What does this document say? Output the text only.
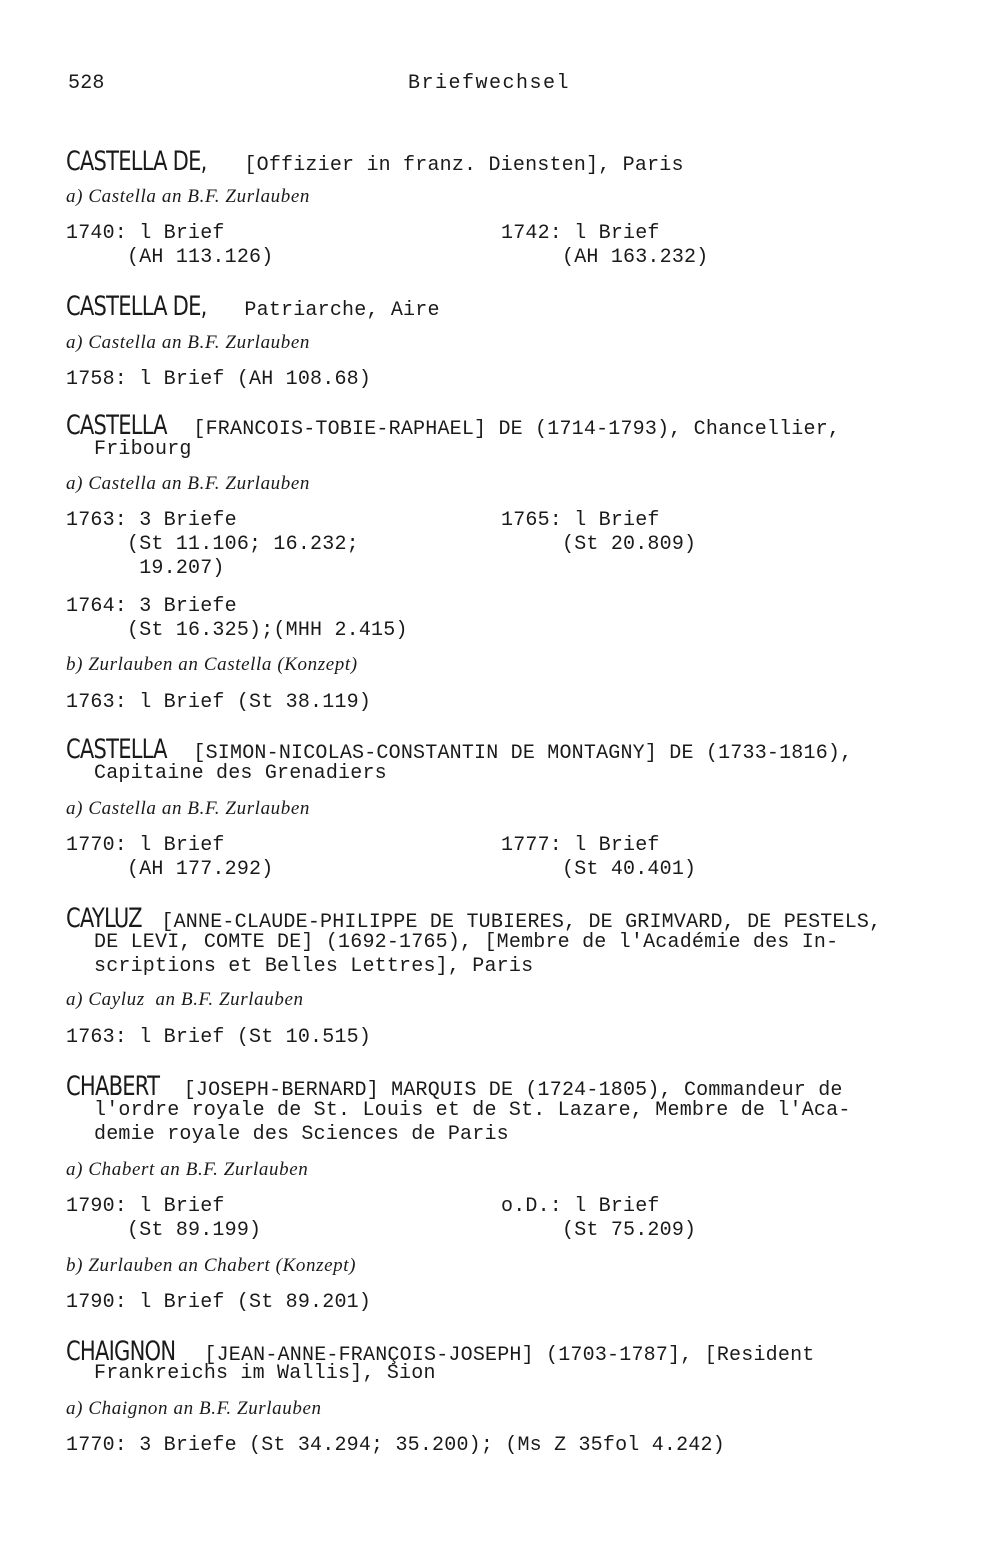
528	Briefwechsel
CASTELLA DE, [Offizier in franz. Diensten], Paris
a) Castella an B.F. Zurlauben
1740: l Brief
(AH 113.126)
1742: l Brief
(AH 163.232)
CASTELLA DE, Patriarche, Aire
a) Castella an B.F. Zurlauben
1758: l Brief (AH 108.68)
CASTELLA [FRANCOIS-TOBIE-RAPHAEL] DE (1714-1793), Chancellier,
Fribourg
a) Castella an B.F. Zurlauben
1763: 3 Briefe
(St 11.106; 16.232;
19.207)
1765: l Brief
(St 20.809)
1764: 3 Briefe
(St 16.325);(MHH 2.415)
b) Zurlauben an Castella (Konzept)
1763: l Brief (St 38.119)
CASTELLA [SIMON-NICOLAS-CONSTANTIN DE MONTAGNY] DE (1733-1816),
Capitaine des Grenadiers
a) Castella an B.F. Zurlauben
1770: l Brief
(AH 177.292)
1777: l Brief
(St 40.401)
CAYLUZ [ANNE-CLAUDE-PHILIPPE DE TUBIERES, DE GRIMVARD, DE PESTELS,
DE LEVI, COMTE DE] (1692-1765), [Membre de l'Académie des In-
scriptions et Belles Lettres], Paris
a) Cayluz  an B.F. Zurlauben
1763: l Brief (St 10.515)
CHABERT [JOSEPH-BERNARD] MARQUIS DE (1724-1805), Commandeur de
l'ordre royale de St. Louis et de St. Lazare, Membre de l'Aca-
demie royale des Sciences de Paris
a) Chabert an B.F. Zurlauben
1790: l Brief
(St 89.199)
o.D.: l Brief
(St 75.209)
b) Zurlauben an Chabert (Konzept)
1790: l Brief (St 89.201)
CHAIGNON [JEAN-ANNE-FRANÇOIS-JOSEPH] (1703-1787], [Resident
Frankreichs im Wallis], Sion
a) Chaignon an B.F. Zurlauben
1770: 3 Briefe (St 34.294; 35.200); (Ms Z 35fol 4.242)
